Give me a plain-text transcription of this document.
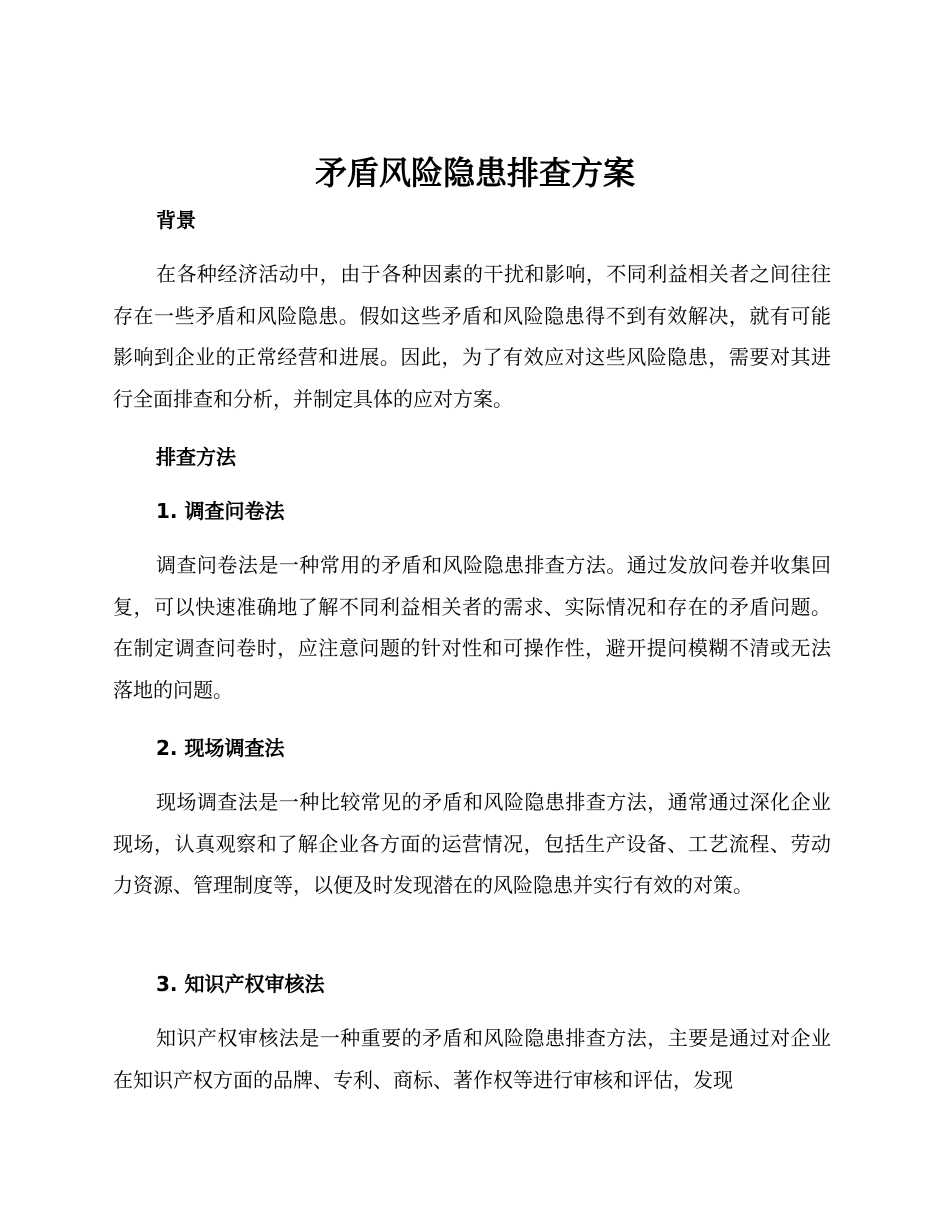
矛盾风险隐患排查方案
背景
在各种经济活动中，由于各种因素的干扰和影响，不同利益相关者之间往往存在一些矛盾和风险隐患。假如这些矛盾和风险隐患得不到有效解决，就有可能影响到企业的正常经营和进展。因此，为了有效应对这些风险隐患，需要对其进行全面排查和分析，并制定具体的应对方案。
排查方法
1. 调查问卷法
调查问卷法是一种常用的矛盾和风险隐患排查方法。通过发放问卷并收集回复，可以快速准确地了解不同利益相关者的需求、实际情况和存在的矛盾问题。在制定调查问卷时，应注意问题的针对性和可操作性，避开提问模糊不清或无法落地的问题。
2. 现场调查法
现场调查法是一种比较常见的矛盾和风险隐患排查方法，通常通过深化企业现场，认真观察和了解企业各方面的运营情况，包括生产设备、工艺流程、劳动力资源、管理制度等，以便及时发现潜在的风险隐患并实行有效的对策。
3. 知识产权审核法
知识产权审核法是一种重要的矛盾和风险隐患排查方法，主要是通过对企业在知识产权方面的品牌、专利、商标、著作权等进行审核和评估，发现
